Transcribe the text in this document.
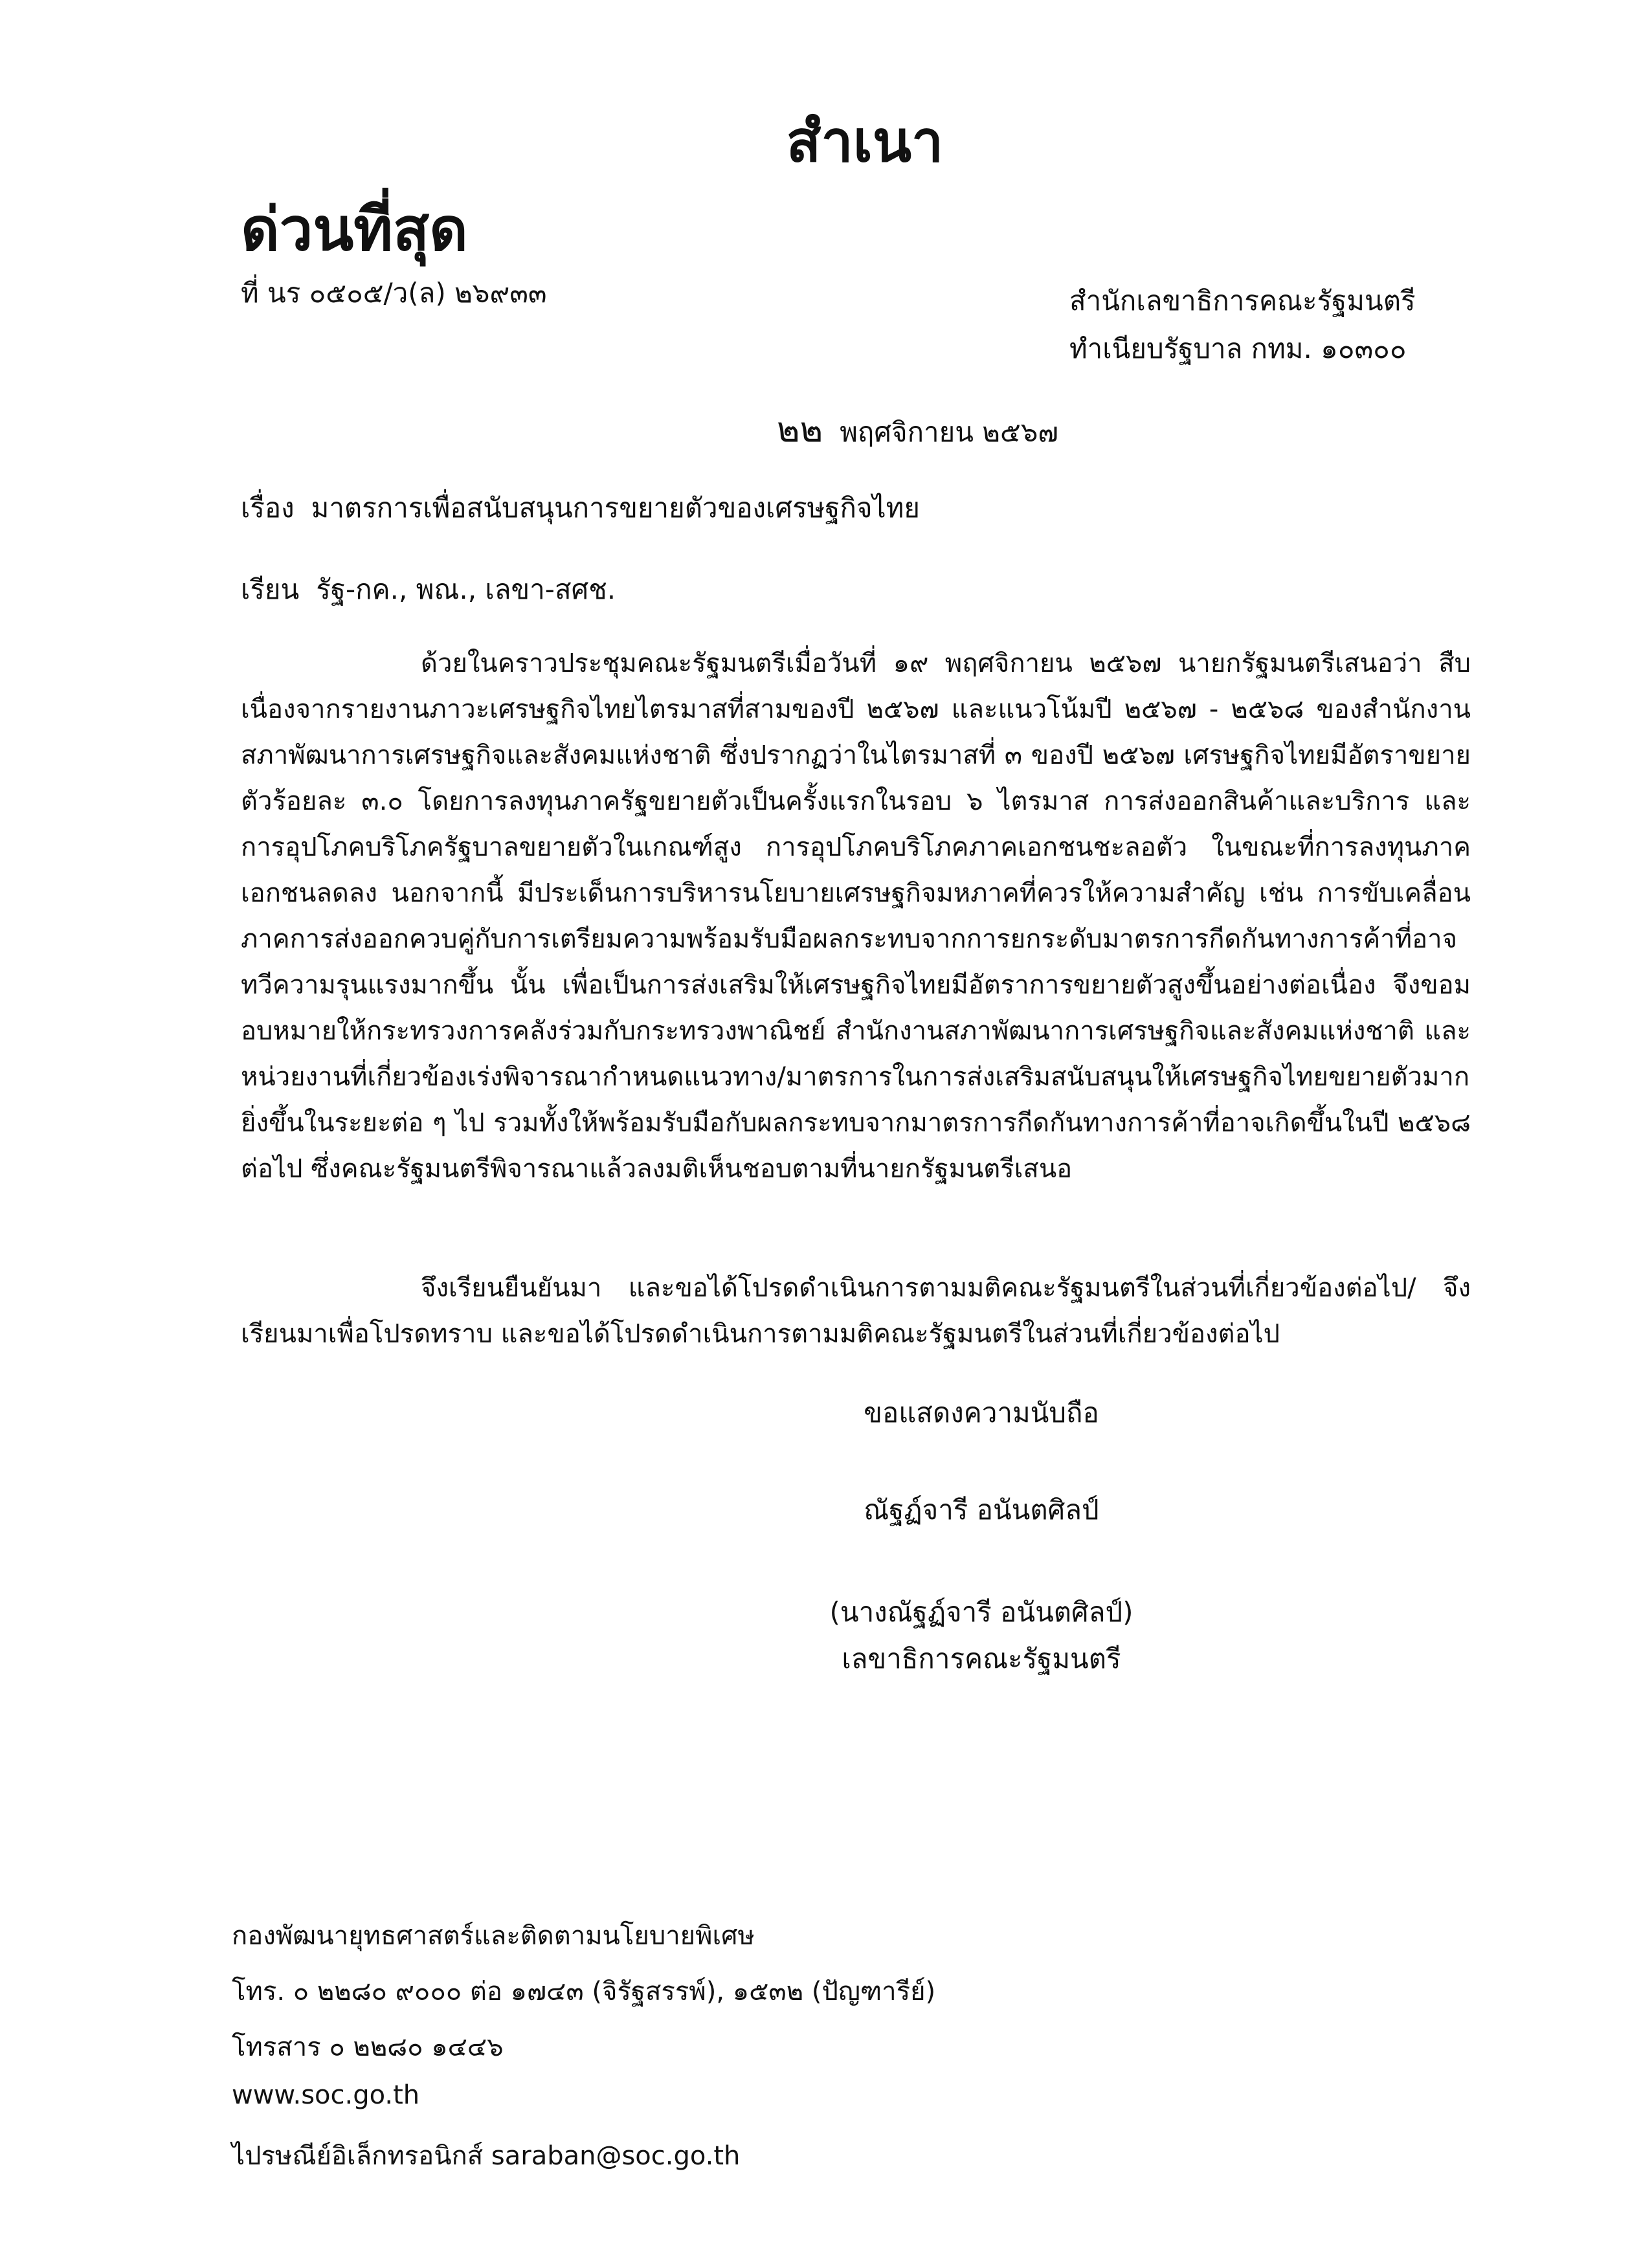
สำเนา
ด่วนที่สุด
ที่ นร ๐๕๐๕/ว(ล) ๒๖๙๓๓	สำนักเลขาธิการคณะรัฐมนตรี
ทำเนียบรัฐบาล กทม. ๑๐๓๐๐
๒๒ พฤศจิกายน ๒๕๖๗
เรื่อง มาตรการเพื่อสนับสนุนการขยายตัวของเศรษฐกิจไทย
เรียน รัฐ-กค., พณ., เลขา-สศช.

ด้วยในคราวประชุมคณะรัฐมนตรีเมื่อวันที่ ๑๙ พฤศจิกายน ๒๕๖๗ นายกรัฐมนตรีเสนอว่า สืบเนื่องจากรายงานภาวะเศรษฐกิจไทยไตรมาสที่สามของปี ๒๕๖๗ และแนวโน้มปี ๒๕๖๗ - ๒๕๖๘ ของสำนักงานสภาพัฒนาการเศรษฐกิจและสังคมแห่งชาติ ซึ่งปรากฏว่าในไตรมาสที่ ๓ ของปี ๒๕๖๗ เศรษฐกิจไทยมีอัตราขยายตัวร้อยละ ๓.๐ โดยการลงทุนภาครัฐขยายตัวเป็นครั้งแรกในรอบ ๖ ไตรมาส การส่งออกสินค้าและบริการ และการอุปโภคบริโภครัฐบาลขยายตัวในเกณฑ์สูง การอุปโภคบริโภคภาคเอกชนชะลอตัว ในขณะที่การลงทุนภาคเอกชนลดลง นอกจากนี้ มีประเด็นการบริหารนโยบายเศรษฐกิจมหภาคที่ควรให้ความสำคัญ เช่น การขับเคลื่อนภาคการส่งออกควบคู่กับการเตรียมความพร้อมรับมือผลกระทบจากการยกระดับมาตรการกีดกันทางการค้าที่อาจทวีความรุนแรงมากขึ้น นั้น เพื่อเป็นการส่งเสริมให้เศรษฐกิจไทยมีอัตราการขยายตัวสูงขึ้นอย่างต่อเนื่อง จึงขอมอบหมายให้กระทรวงการคลังร่วมกับกระทรวงพาณิชย์ สำนักงานสภาพัฒนาการเศรษฐกิจและสังคมแห่งชาติ และหน่วยงานที่เกี่ยวข้องเร่งพิจารณากำหนดแนวทาง/มาตรการในการส่งเสริมสนับสนุนให้เศรษฐกิจไทยขยายตัวมากยิ่งขึ้นในระยะต่อ ๆ ไป รวมทั้งให้พร้อมรับมือกับผลกระทบจากมาตรการกีดกันทางการค้าที่อาจเกิดขึ้นในปี ๒๕๖๘ ต่อไป ซึ่งคณะรัฐมนตรีพิจารณาแล้วลงมติเห็นชอบตามที่นายกรัฐมนตรีเสนอ

จึงเรียนยืนยันมา และขอได้โปรดดำเนินการตามมติคณะรัฐมนตรีในส่วนที่เกี่ยวข้องต่อไป/ จึงเรียนมาเพื่อโปรดทราบ และขอได้โปรดดำเนินการตามมติคณะรัฐมนตรีในส่วนที่เกี่ยวข้องต่อไป

ขอแสดงความนับถือ
ณัฐฏ์จารี อนันตศิลป์
(นางณัฐฏ์จารี อนันตศิลป์)
เลขาธิการคณะรัฐมนตรี
กองพัฒนายุทธศาสตร์และติดตามนโยบายพิเศษ
โทร. ๐ ๒๒๘๐ ๙๐๐๐ ต่อ ๑๗๔๓ (จิรัฐสรรพ์), ๑๕๓๒ (ปัญฑารีย์)
โทรสาร ๐ ๒๒๘๐ ๑๔๔๖
www.soc.go.th
ไปรษณีย์อิเล็กทรอนิกส์ saraban@soc.go.th
